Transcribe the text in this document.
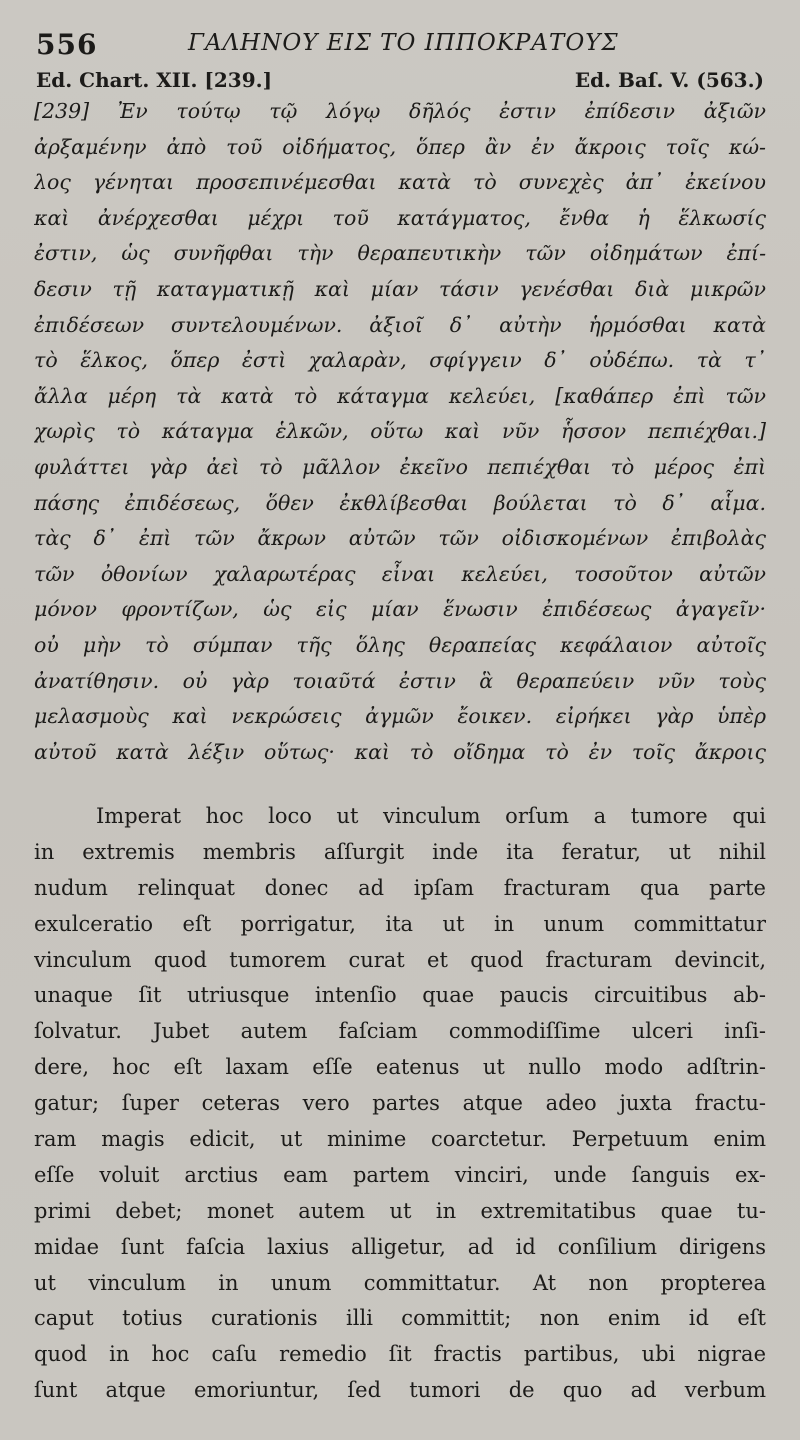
556	ΓΑΛΗΝΟΥ ΕΙΣ ΤΟ ΙΠΠΟΚΡΑΤΟΥΣ
Ed. Chart. XII. [239.]	Ed. Baſ. V. (563.)
[239] Ἐν τούτῳ τῷ λόγῳ δῆλός ἐστιν ἐπίδεσιν ἀξιῶν
ἀρξαμένην ἀπὸ τοῦ οἰδήματος, ὅπερ ἂν ἐν ἄκροις τοῖς κώ-
λος γένηται προσεπινέμεσθαι κατὰ τὸ συνεχὲς ἀπ᾽ ἐκείνου
καὶ ἀνέρχεσθαι μέχρι τοῦ κατάγματος, ἔνθα ἡ ἕλκωσίς
ἐστιν, ὡς συνῆφθαι τὴν θεραπευτικὴν τῶν οἰδημάτων ἐπί-
δεσιν τῇ καταγματικῇ καὶ μίαν τάσιν γενέσθαι διὰ μικρῶν
ἐπιδέσεων συντελουμένων. ἀξιοῖ δ᾽ αὐτὴν ἡρμόσθαι κατὰ
τὸ ἕλκος, ὅπερ ἐστὶ χαλαρὰν, σφίγγειν δ᾽ οὐδέπω. τὰ τ᾽
ἄλλα μέρη τὰ κατὰ τὸ κάταγμα κελεύει, [καθάπερ ἐπὶ τῶν
χωρὶς τὸ κάταγμα ἑλκῶν, οὕτω καὶ νῦν ἧσσον πεπιέχθαι.]
φυλάττει γὰρ ἀεὶ τὸ μᾶλλον ἐκεῖνο πεπιέχθαι τὸ μέρος ἐπὶ
πάσης ἐπιδέσεως, ὅθεν ἐκθλίβεσθαι βούλεται τὸ δ᾽ αἷμα.
τὰς δ᾽ ἐπὶ τῶν ἄκρων αὐτῶν τῶν οἰδισκομένων ἐπιβολὰς
τῶν ὀθονίων χαλαρωτέρας εἶναι κελεύει, τοσοῦτον αὐτῶν
μόνον φροντίζων, ὡς εἰς μίαν ἕνωσιν ἐπιδέσεως ἀγαγεῖν·
οὐ μὴν τὸ σύμπαν τῆς ὅλης θεραπείας κεφάλαιον αὐτοῖς
ἀνατίθησιν. οὐ γὰρ τοιαῦτά ἐστιν ἃ θεραπεύειν νῦν τοὺς
μελασμοὺς καὶ νεκρώσεις ἀγμῶν ἔοικεν. εἰρήκει γὰρ ὑπὲρ
αὐτοῦ κατὰ λέξιν οὕτως· καὶ τὸ οἴδημα τὸ ἐν τοῖς ἄκροις
Imperat hoc loco ut vinculum orſum a tumore qui
in extremis membris aſſurgit inde ita feratur, ut nihil
nudum relinquat donec ad ipſam fracturam qua parte
exulceratio eſt porrigatur, ita ut in unum committatur
vinculum quod tumorem curat et quod fracturam devincit,
unaque ſit utriusque intenſio quae paucis circuitibus ab-
ſolvatur. Jubet autem faſciam commodiſſime ulceri inſi-
dere, hoc eſt laxam eſſe eatenus ut nullo modo adſtrin-
gatur; ſuper ceteras vero partes atque adeo juxta fractu-
ram magis edicit, ut minime coarctetur. Perpetuum enim
eſſe voluit arctius eam partem vinciri, unde ſanguis ex-
primi debet; monet autem ut in extremitatibus quae tu-
midae ſunt faſcia laxius alligetur, ad id conſilium dirigens
ut vinculum in unum committatur. At non propterea
caput totius curationis illi committit; non enim id eſt
quod in hoc caſu remedio ſit fractis partibus, ubi nigrae
ſunt atque emoriuntur, ſed tumori de quo ad verbum
